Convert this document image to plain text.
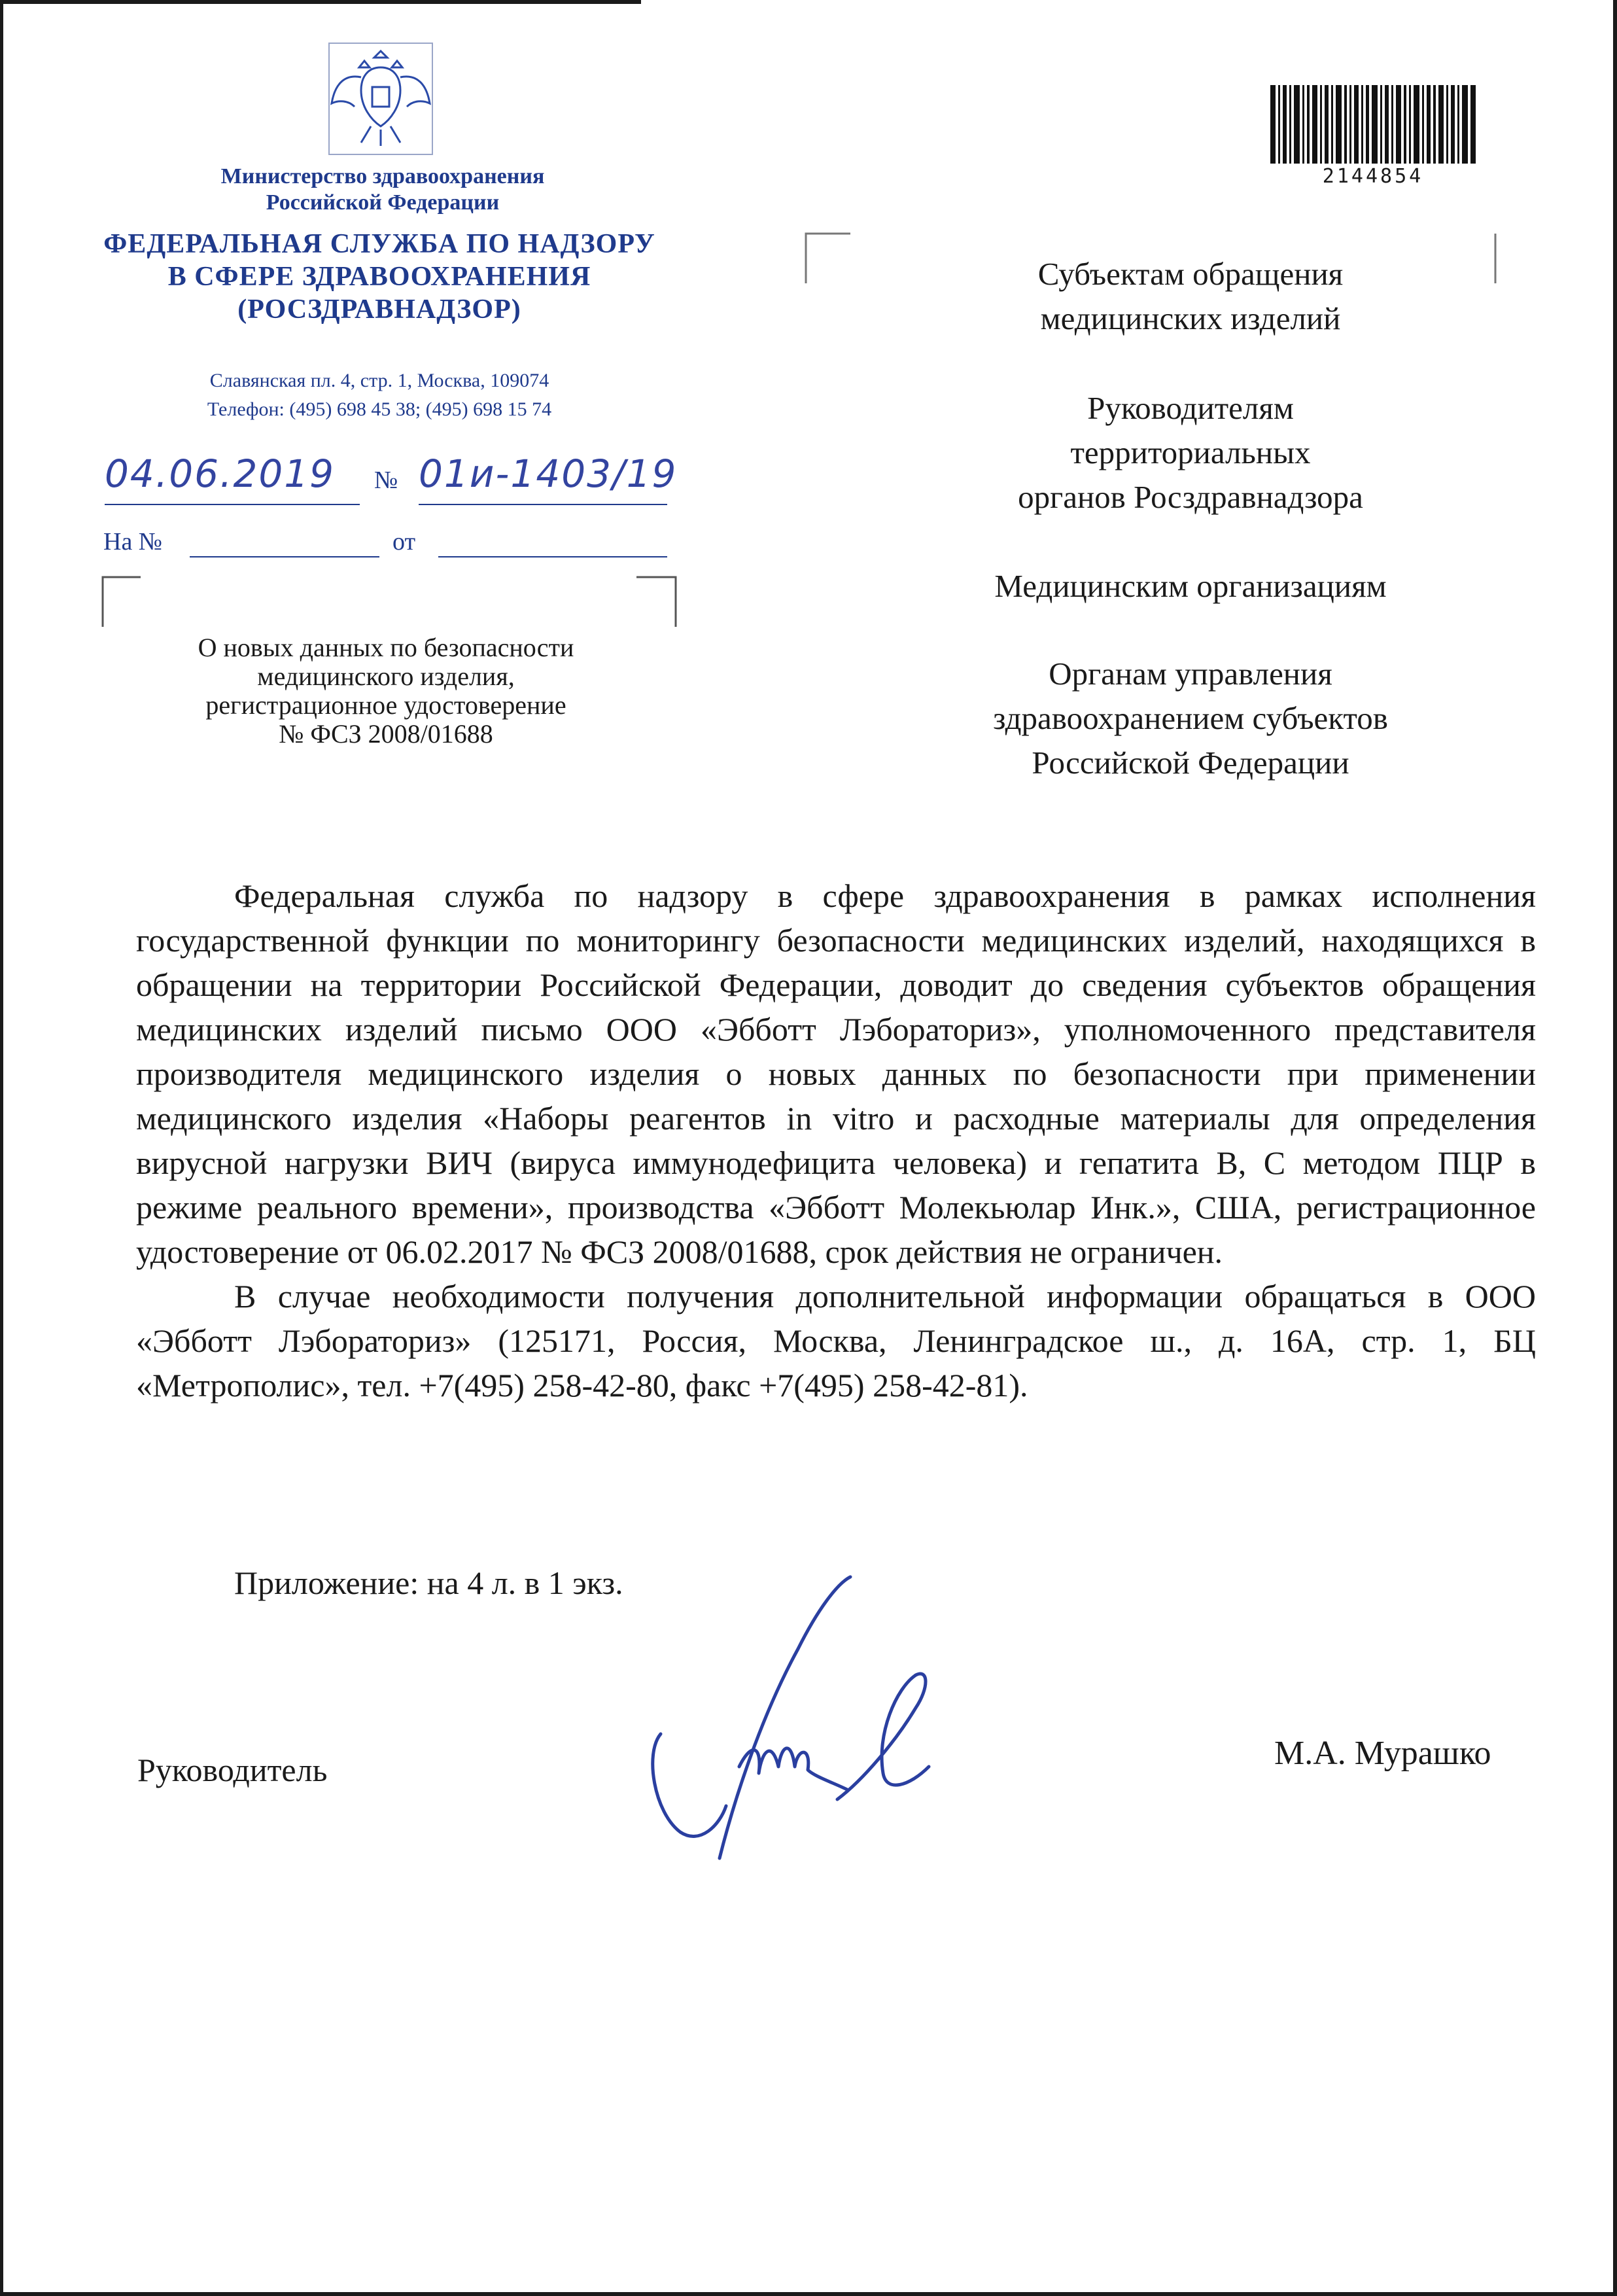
Министерство здравоохранения
Российской Федерации
ФЕДЕРАЛЬНАЯ СЛУЖБА ПО НАДЗОРУ
В СФЕРЕ ЗДРАВООХРАНЕНИЯ
(РОСЗДРАВНАДЗОР)
Славянская пл. 4, стр. 1, Москва, 109074
Телефон: (495) 698 45 38; (495) 698 15 74
04.06.2019 № 01и-1403/19
На №	от
О новых данных по безопасности
медицинского изделия,
регистрационное удостоверение
№ ФСЗ 2008/01688
2144854
Субъектам обращения
медицинских изделий
Руководителям
территориальных
органов Росздравнадзора
Медицинским организациям
Органам управления
здравоохранением субъектов
Российской Федерации

Федеральная служба по надзору в сфере здравоохранения в рамках исполнения государственной функции по мониторингу безопасности медицинских изделий, находящихся в обращении на территории Российской Федерации, доводит до сведения субъектов обращения медицинских изделий письмо ООО «Эбботт Лэбораториз», уполномоченного представителя производителя медицинского изделия о новых данных по безопасности при применении медицинского изделия «Наборы реагентов in vitro и расходные материалы для определения вирусной нагрузки ВИЧ (вируса иммунодефицита человека) и гепатита В, С методом ПЦР в режиме реального времени», производства «Эбботт Молекьюлар Инк.», США, регистрационное удостоверение от 06.02.2017 № ФСЗ 2008/01688, срок действия не ограничен.

В случае необходимости получения дополнительной информации обращаться в ООО «Эбботт Лэбораториз» (125171, Россия, Москва, Ленинградское ш., д. 16А, стр. 1, БЦ «Метрополис», тел. +7(495) 258-42-80, факс +7(495) 258-42-81).

Приложение: на 4 л. в 1 экз.
Руководитель	М.А. Мурашко
